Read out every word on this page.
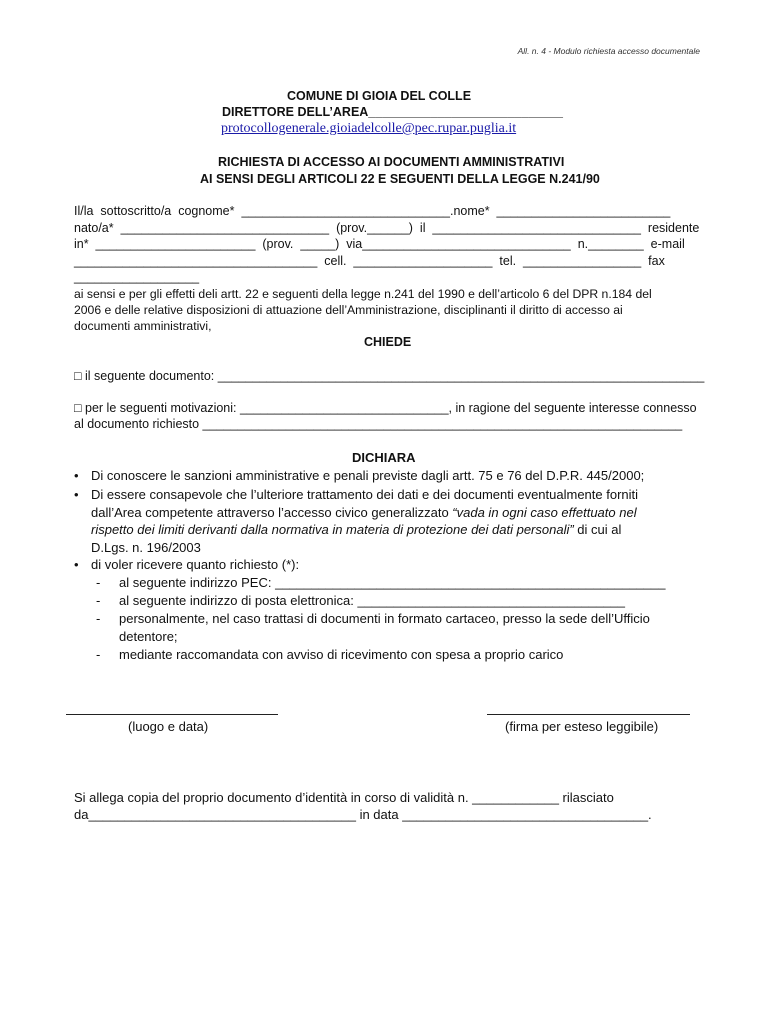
All. n. 4 - Modulo richiesta accesso documentale
COMUNE DI GIOIA DEL COLLE
DIRETTORE DELL’AREA____________________________
protocollogenerale.gioiadelcolle@pec.rupar.puglia.it
RICHIESTA DI ACCESSO AI DOCUMENTI AMMINISTRATIVI
AI SENSI DEGLI ARTICOLI 22 E SEGUENTI DELLA LEGGE N.241/90
Il/la  sottoscritto/a  cognome*  ______________________________.nome*  _________________________
nato/a*  ______________________________  (prov.______)  il  ______________________________  residente
in*  _______________________  (prov.  _____)  via______________________________  n.________  e-mail
___________________________________  cell.  ____________________  tel.  _________________  fax
__________________
ai sensi e per gli effetti deli artt. 22 e seguenti della legge n.241 del 1990 e dell’articolo 6 del DPR n.184 del
2006 e delle relative disposizioni di attuazione dell’Amministrazione, disciplinanti il diritto di accesso ai
documenti amministrativi,
CHIEDE
□ il seguente documento: ______________________________________________________________________
□ per le seguenti motivazioni: ______________________________, in ragione del seguente interesse connesso
al documento richiesto _____________________________________________________________________
DICHIARA
• Di conoscere le sanzioni amministrative e penali previste dagli artt. 75 e 76 del D.P.R. 445/2000;
• Di essere consapevole che l’ulteriore trattamento dei dati e dei documenti eventualmente forniti
dall’Area competente attraverso l’accesso civico generalizzato “vada in ogni caso effettuato nel
rispetto dei limiti derivanti dalla normativa in materia di protezione dei dati personali” di cui al
D.Lgs. n. 196/2003
• di voler ricevere quanto richiesto (*):
- al seguente indirizzo PEC: ______________________________________________________
- al seguente indirizzo di posta elettronica: _____________________________________
- personalmente, nel caso trattasi di documenti in formato cartaceo, presso la sede dell’Ufficio
detentore;
- mediante raccomandata con avviso di ricevimento con spesa a proprio carico
(luogo e data)	(firma per esteso leggibile)
Si allega copia del proprio documento d’identità in corso di validità n. ____________ rilasciato
da_____________________________________ in data __________________________________.
